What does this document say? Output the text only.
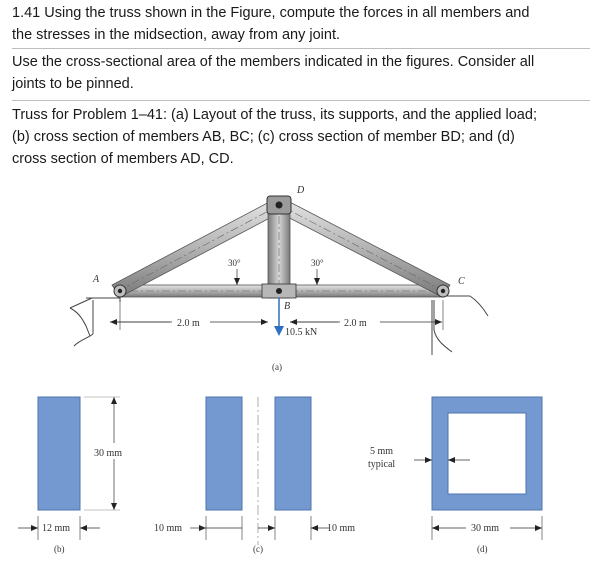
1.41 Using the truss shown in the Figure, compute the forces in all members and

the stresses in the midsection, away from any joint.

Use the cross-sectional area of the members indicated in the figures. Consider all

joints to be pinned.

Truss for Problem 1–41: (a) Layout of the truss, its supports, and the applied load;

(b) cross section of members AB, BC; (c) cross section of member BD; and (d)

cross section of members AD, CD.

A
B
C
D
30°	30°
2.0 m	2.0 m
10.5 kN
(a)
30 mm
12 mm
(b)
10 mm
(c)
10 mm
5 mm
typical
30 mm
(d)
